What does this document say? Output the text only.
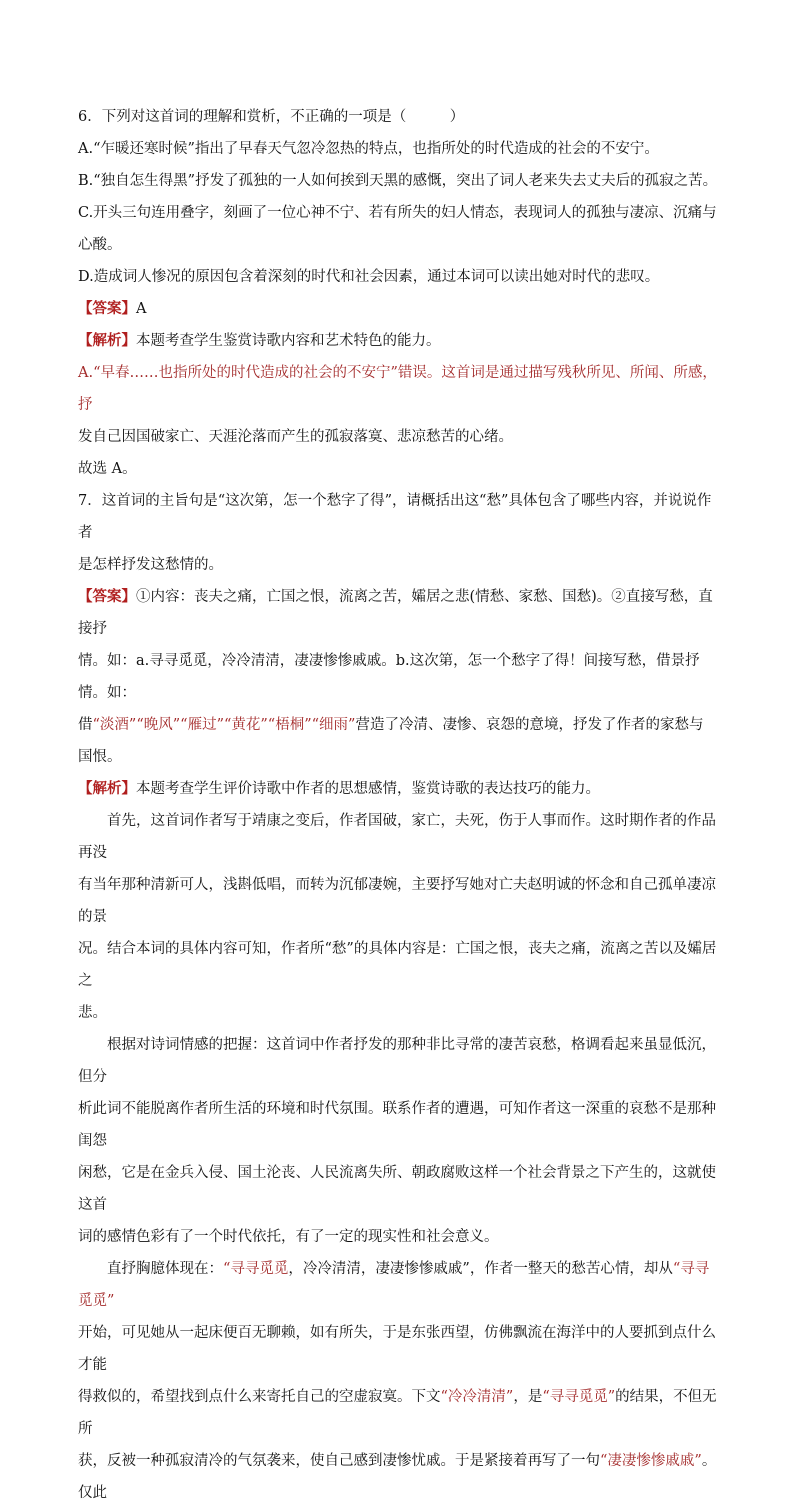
6．下列对这首词的理解和赏析，不正确的一项是（　　　）

A.“乍暖还寒时候”指出了早春天气忽冷忽热的特点，也指所处的时代造成的社会的不安宁。

B.“独自怎生得黑”抒发了孤独的一人如何挨到天黑的感慨，突出了词人老来失去丈夫后的孤寂之苦。

C.开头三句连用叠字，刻画了一位心神不宁、若有所失的妇人情态，表现词人的孤独与凄凉、沉痛与心酸。

D.造成词人惨况的原因包含着深刻的时代和社会因素，通过本词可以读出她对时代的悲叹。

【答案】A

【解析】本题考查学生鉴赏诗歌内容和艺术特色的能力。

A.“早春……也指所处的时代造成的社会的不安宁”错误。这首词是通过描写残秋所见、所闻、所感，抒

发自己因国破家亡、天涯沦落而产生的孤寂落寞、悲凉愁苦的心绪。

故选 A。

7．这首词的主旨句是“这次第，怎一个愁字了得”，请概括出这“愁”具体包含了哪些内容，并说说作者

是怎样抒发这愁情的。

【答案】①内容：丧夫之痛，亡国之恨，流离之苦，孀居之悲(情愁、家愁、国愁)。②直接写愁，直接抒

情。如：a.寻寻觅觅，冷冷清清，凄凄惨惨戚戚。b.这次第，怎一个愁字了得！间接写愁，借景抒情。如：

借“淡酒”“晚风”“雁过”“黄花”“梧桐”“细雨”营造了冷清、凄惨、哀怨的意境，抒发了作者的家愁与

国恨。

【解析】本题考查学生评价诗歌中作者的思想感情，鉴赏诗歌的表达技巧的能力。

首先，这首词作者写于靖康之变后，作者国破，家亡，夫死，伤于人事而作。这时期作者的作品再没

有当年那种清新可人，浅斟低唱，而转为沉郁凄婉，主要抒写她对亡夫赵明诚的怀念和自己孤单凄凉的景

况。结合本词的具体内容可知，作者所“愁”的具体内容是：亡国之恨，丧夫之痛，流离之苦以及孀居之

悲。

根据对诗词情感的把握：这首词中作者抒发的那种非比寻常的凄苦哀愁，格调看起来虽显低沉，但分

析此词不能脱离作者所生活的环境和时代氛围。联系作者的遭遇，可知作者这一深重的哀愁不是那种闺怨

闲愁，它是在金兵入侵、国土沦丧、人民流离失所、朝政腐败这样一个社会背景之下产生的，这就使这首

词的感情色彩有了一个时代依托，有了一定的现实性和社会意义。

直抒胸臆体现在：“寻寻觅觅，冷冷清清，凄凄惨惨戚戚”，作者一整天的愁苦心情，却从“寻寻觅觅”

开始，可见她从一起床便百无聊赖，如有所失，于是东张西望，仿佛飘流在海洋中的人要抓到点什么才能

得救似的，希望找到点什么来寄托自己的空虚寂寞。下文“冷冷清清”，是“寻寻觅觅”的结果，不但无所

获，反被一种孤寂清冷的气氛袭来，使自己感到凄惨忧戚。于是紧接着再写了一句“凄凄惨惨戚戚”。仅此
